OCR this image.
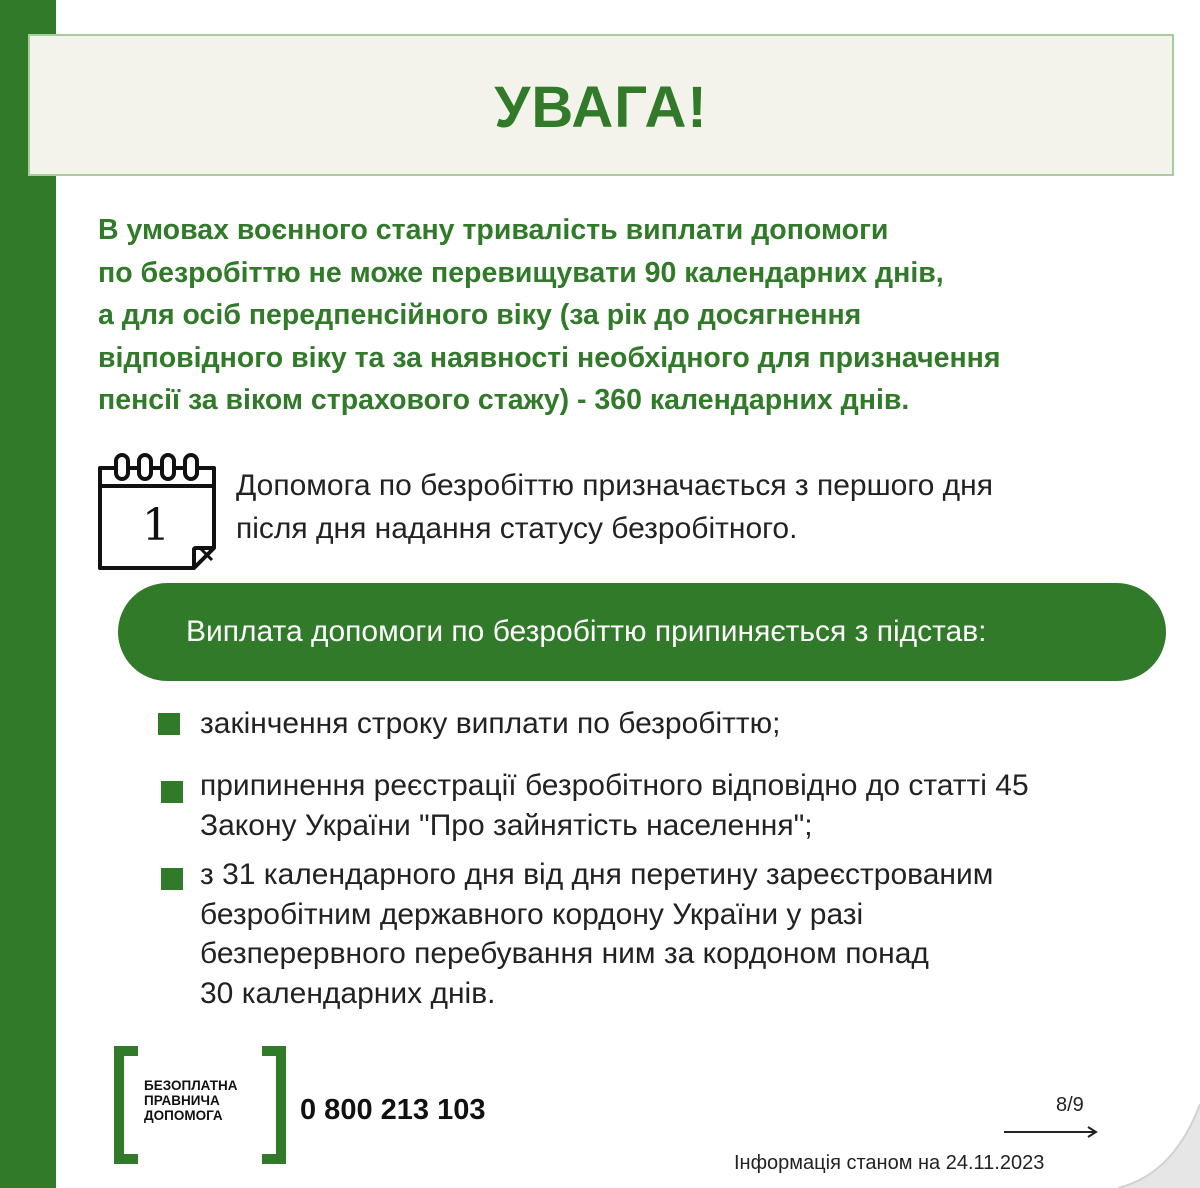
УВАГА!
В умовах воєнного стану тривалість виплати допомоги
по безробіттю не може перевищувати 90 календарних днів,
а для осіб передпенсійного віку (за рік до досягнення
відповідного віку та за наявності необхідного для призначення
пенсії за віком страхового стажу) - 360 календарних днів.
1
Допомога по безробіттю призначається з першого дня
після дня надання статусу безробітного.
Виплата допомоги по безробіттю припиняється з підстав:
закінчення строку виплати по безробіттю;
припинення реєстрації безробітного відповідно до статті 45
Закону України "Про зайнятість населення";
з 31 календарного дня від дня перетину зареєстрованим
безробітним державного кордону України у разі
безперервного перебування ним за кордоном понад
30 календарних днів.
БЕЗОПЛАТНА
ПРАВНИЧА
ДОПОМОГА	0 800 213 103	8/9
Інформація станом на 24.11.2023
